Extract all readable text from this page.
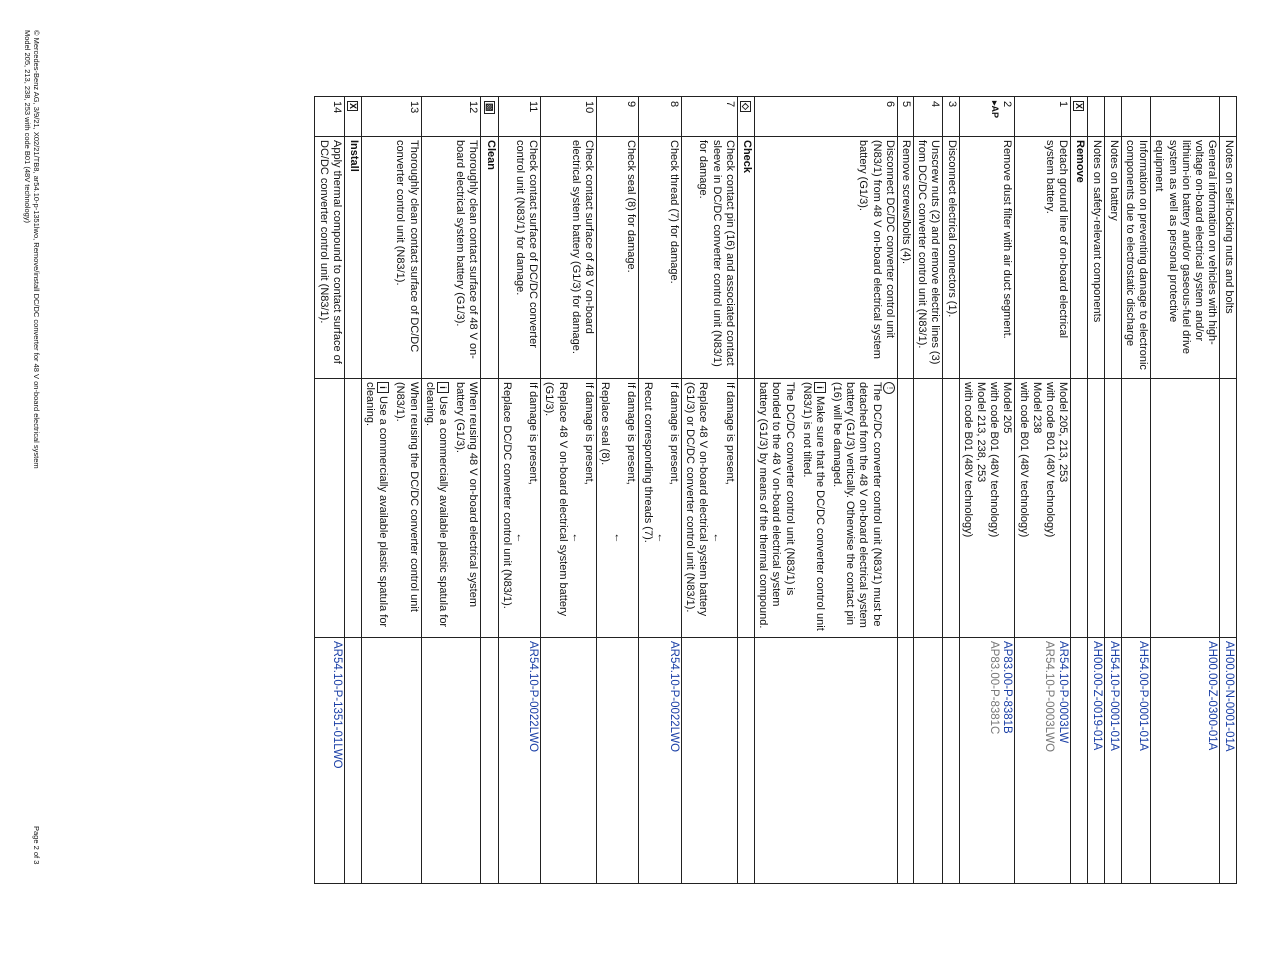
	Notes on self-locking nuts and bolts		AH00.00-N-0001-01A

	General information on vehicles with high-voltage on-board electrical system and/or lithium-ion battery and/or gaseous-fuel drive system as well as personal protective equipment		AH00.00-Z-0300-01A

	Information on preventing damage to electronic components due to electrostatic discharge		AH54.00-P-0001-01A

	Notes on battery		AH54.10-P-0001-01A

	Notes on safety-relevant components		AH00.00-Z-0019-01A

X	Remove		
1	Detach ground line of on-board electrical system battery.	Model 205, 213, 253
with code B01 (48V technology)
Model 238
with code B01 (48V technology)	AR54.10-P-0003LW
AR54.10-P-0003LWO

2
▸AP	Remove dust filter with air duct segment.	Model 205
with code B01 (48V technology)
Model 213, 238, 253
with code B01 (48V technology)	AP83.00-P-8381B
AP83.00-P-8381C

3	Disconnect electrical connectors (1).		
4	Unscrew nuts (2) and remove electric lines (3) from DC/DC converter control unit (N83/1).		
5	Remove screws/bolts (4).		
6	Disconnect DC/DC converter control unit (N83/1) from 48 V on-board electrical system battery (G1/3).	!
The DC/DC converter control unit (N83/1) must be detached from the 48 V on-board electrical system battery (G1/3) vertically. Otherwise the contact pin (16) will be damaged.
iMake sure that the DC/DC converter control unit (N83/1) is not tilted.
The DC/DC converter control unit (N83/1) is bonded to the 48 V on-board electrical system battery (G1/3) by means of the thermal compound.	

◇	Check		
7	Check contact pin (16) and associated contact sleeve in DC/DC converter control unit (N83/1) for damage.	If damage is present,
←
Replace 48 V on-board electrical system battery (G1/3) or DC/DC converter control unit (N83/1).	

8	Check thread (7) for damage.	If damage is present,
←
Recut corresponding threads (7).	AR54.10-P-0022LWO

9	Check seal (8) for damage.	If damage is present,
←
Replace seal (8).	

10	Check contact surface of 48 V on-board electrical system battery (G1/3) for damage.	If damage is present,
←
Replace 48 V on-board electrical system battery (G1/3).	

11	Check contact surface of DC/DC converter control unit (N83/1) for damage.	If damage is present,
←
Replace DC/DC converter control unit (N83/1).	AR54.10-P-0022LWO

▧	Clean		
12	Thoroughly clean contact surface of 48 V on-board electrical system battery (G1/3).	When reusing 48 V on-board electrical system battery (G1/3).
iUse a commercially available plastic spatula for cleaning.	

13	Thoroughly clean contact surface of DC/DC converter control unit (N83/1).	When reusing the DC/DC converter control unit (N83/1).
iUse a commercially available plastic spatula for cleaning.	

X	Install		
14	Apply thermal compound to contact surface of DC/DC converter control unit (N83/1).		AR54.10-P-1351-01LWO
© Mercedes-Benz AG, 3/9/21, X02/21/TB8, ar54.10-p-1351lwo, Remove/install DC/DC converter for 48 V on-board electrical system
Model 205, 213, 238, 253 with code B01 (48V technology)
Page 2 of 3
